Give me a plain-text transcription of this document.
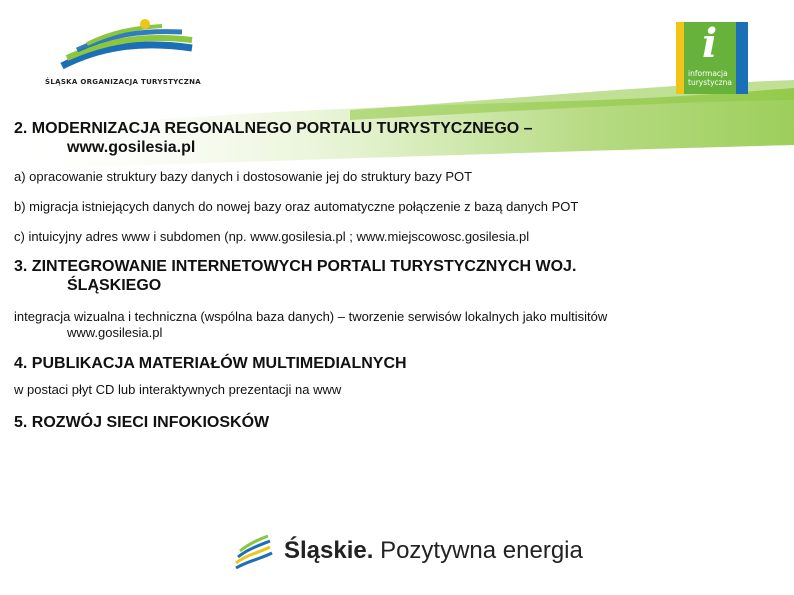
ŚLĄSKA ORGANIZACJA TURYSTYCZNA
i
informacja
turystyczna
2. MODERNIZACJA REGONALNEGO PORTALU TURYSTYCZNEGO –
www.gosilesia.pl

a) opracowanie struktury bazy danych i dostosowanie jej do struktury bazy POT

b) migracja istniejących danych do nowej bazy oraz automatyczne połączenie z bazą danych POT

c) intuicyjny adres www i subdomen (np. www.gosilesia.pl ; www.miejscowosc.gosilesia.pl

3. ZINTEGROWANIE INTERNETOWYCH PORTALI TURYSTYCZNYCH WOJ.
ŚLĄSKIEGO

integracja wizualna i techniczna (wspólna baza danych) – tworzenie serwisów lokalnych jako multisitów
www.gosilesia.pl

4. PUBLIKACJA MATERIAŁÓW MULTIMEDIALNYCH

w postaci płyt CD lub interaktywnych prezentacji na www

5. ROZWÓJ SIECI INFOKIOSKÓW
Śląskie. Pozytywna energia
